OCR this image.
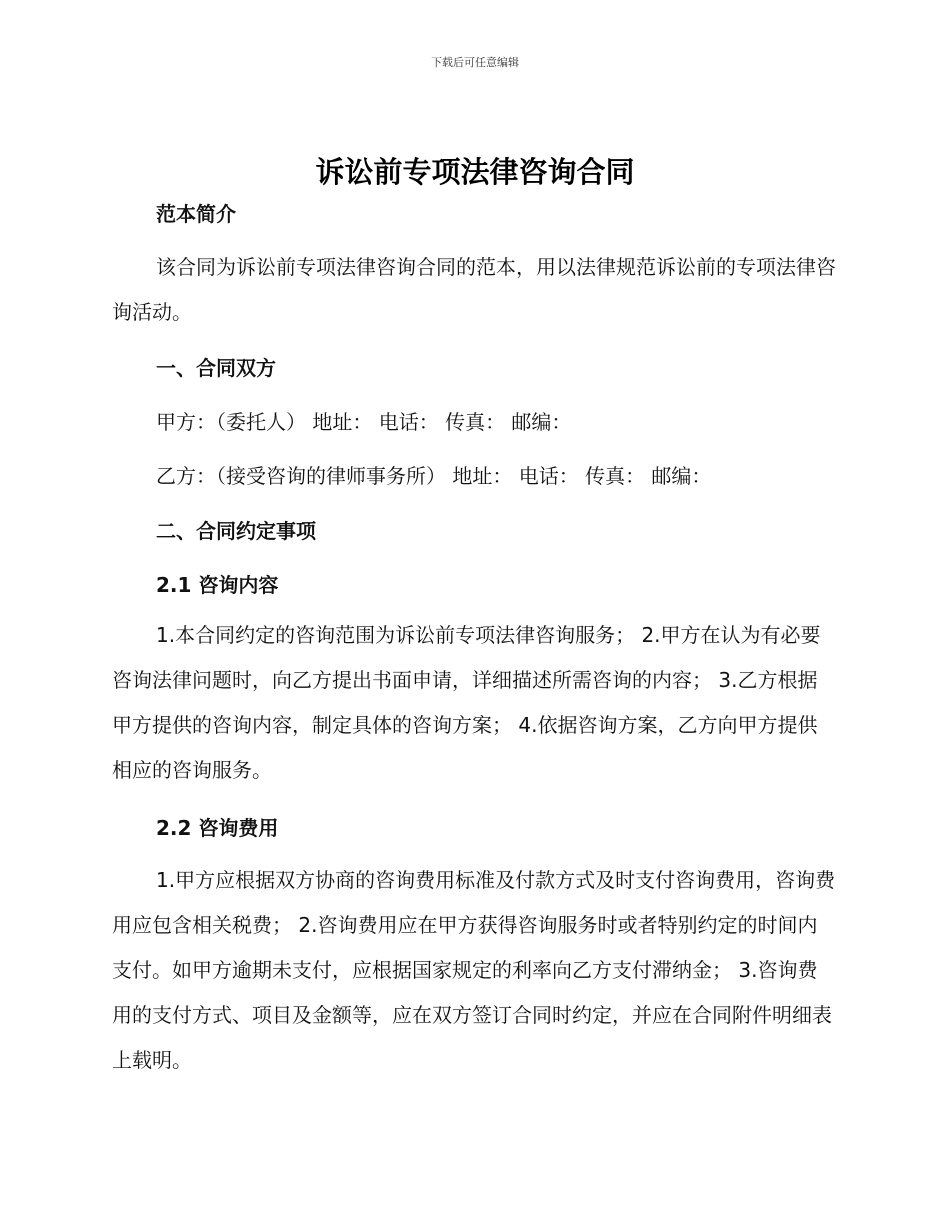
下载后可任意编辑
诉讼前专项法律咨询合同
范本简介

该合同为诉讼前专项法律咨询合同的范本，用以法律规范诉讼前的专项法律咨询活动。

一、合同双方
甲方：（委托人） 地址： 电话： 传真： 邮编：
乙方：（接受咨询的律师事务所） 地址： 电话： 传真： 邮编：
二、合同约定事项
2.1 咨询内容

1.本合同约定的咨询范围为诉讼前专项法律咨询服务； 2.甲方在认为有必要咨询法律问题时，向乙方提出书面申请，详细描述所需咨询的内容； 3.乙方根据甲方提供的咨询内容，制定具体的咨询方案； 4.依据咨询方案，乙方向甲方提供相应的咨询服务。

2.2 咨询费用

1.甲方应根据双方协商的咨询费用标准及付款方式及时支付咨询费用，咨询费用应包含相关税费； 2.咨询费用应在甲方获得咨询服务时或者特别约定的时间内支付。如甲方逾期未支付，应根据国家规定的利率向乙方支付滞纳金； 3.咨询费用的支付方式、项目及金额等，应在双方签订合同时约定，并应在合同附件明细表上载明。
